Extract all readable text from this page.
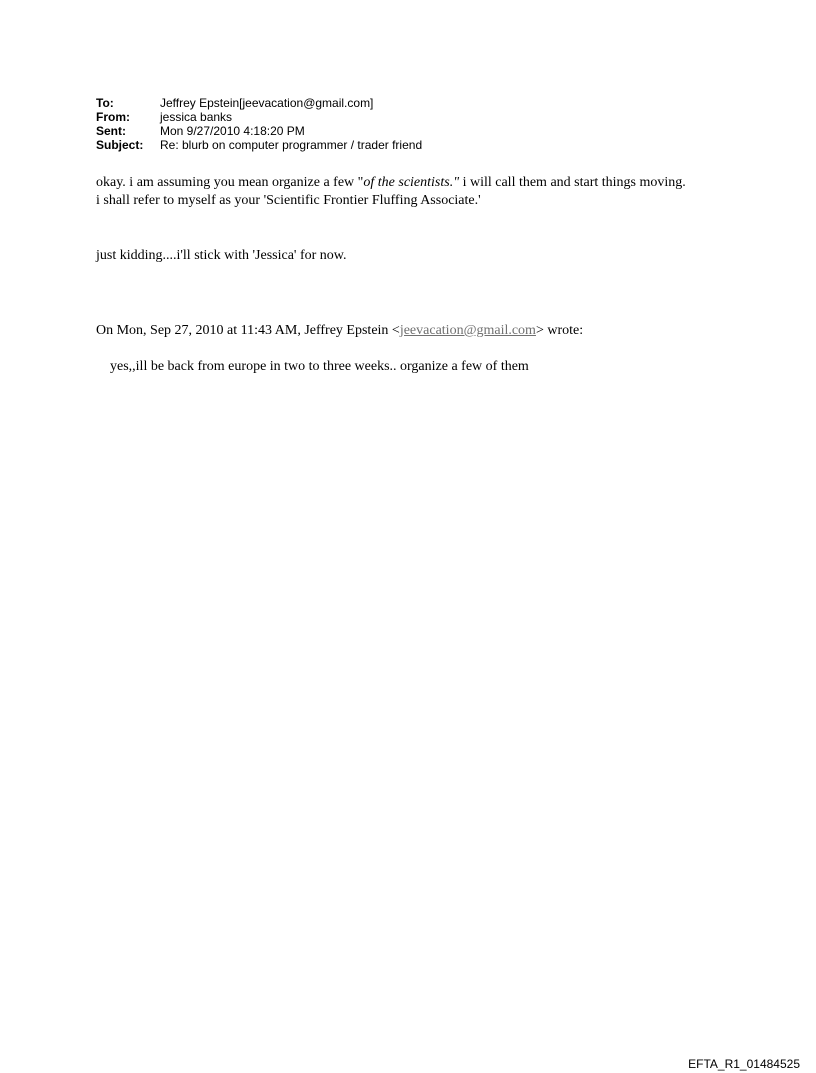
To:	Jeffrey Epstein[jeevacation@gmail.com]
From:	jessica banks
Sent:	Mon 9/27/2010 4:18:20 PM
Subject:	Re: blurb on computer programmer / trader friend
okay. i am assuming you mean organize a few "of the scientists." i will call them and start things moving.
i shall refer to myself as your 'Scientific Frontier Fluffing Associate.'
just kidding....i'll stick with 'Jessica' for now.
On Mon, Sep 27, 2010 at 11:43 AM, Jeffrey Epstein <jeevacation@gmail.com> wrote:
yes,,ill be back from europe in two to three weeks.. organize a few of them
EFTA_R1_01484525
